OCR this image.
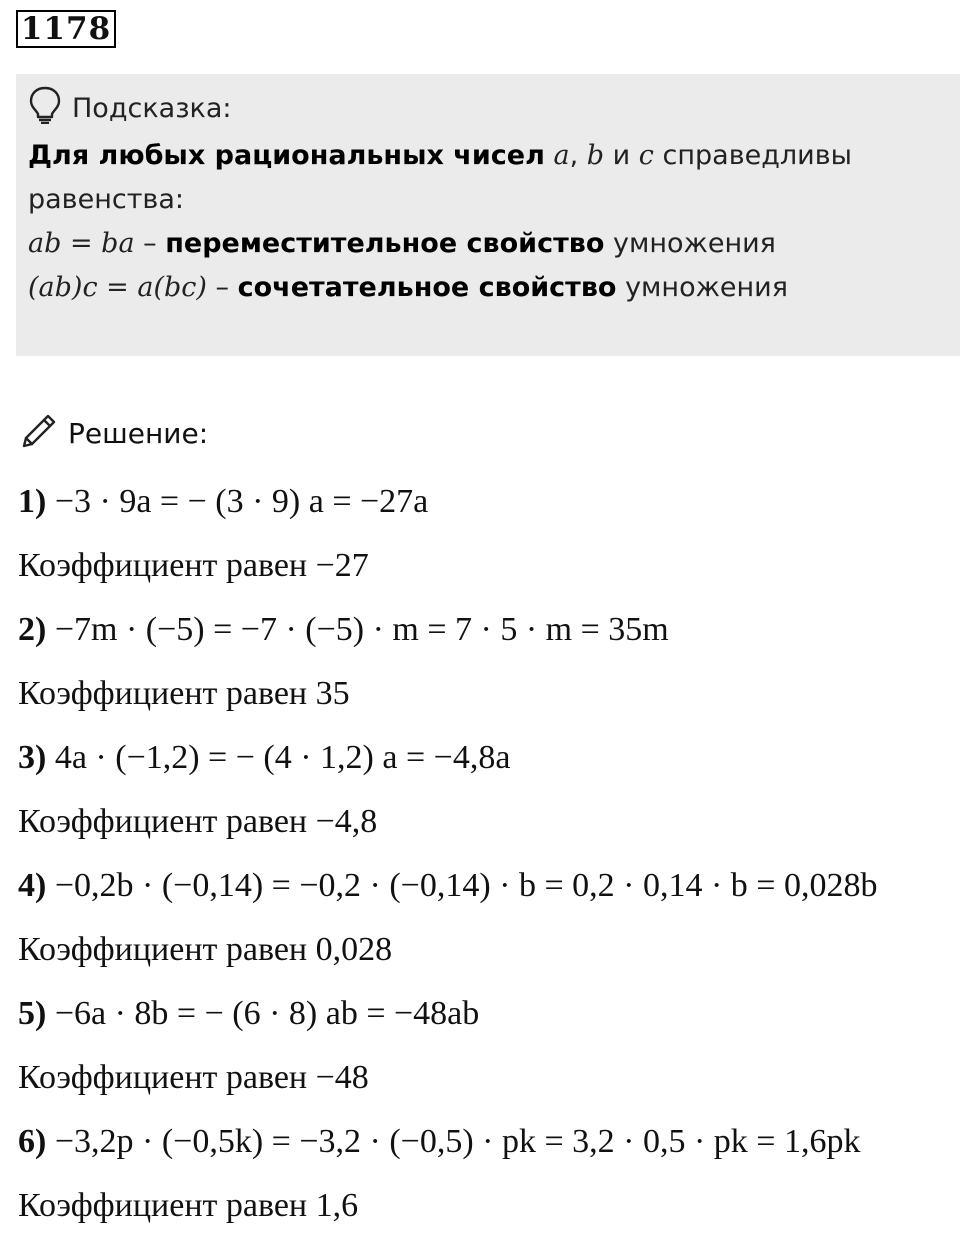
1178
Подсказка:
Для любых рациональных чисел a, b и c справедливы
равенства:
ab = ba – переместительное свойство умножения
(ab)c = a(bc) – сочетательное свойство умножения
Решение:
1) −3 · 9a = − (3 · 9) a = −27a
Коэффициент равен −27
2) −7m · (−5) = −7 · (−5) · m = 7 · 5 · m = 35m
Коэффициент равен 35
3) 4a · (−1,2) = − (4 · 1,2) a = −4,8a
Коэффициент равен −4,8
4) −0,2b · (−0,14) = −0,2 · (−0,14) · b = 0,2 · 0,14 · b = 0,028b
Коэффициент равен 0,028
5) −6a · 8b = − (6 · 8) ab = −48ab
Коэффициент равен −48
6) −3,2p · (−0,5k) = −3,2 · (−0,5) · pk = 3,2 · 0,5 · pk = 1,6pk
Коэффициент равен 1,6
